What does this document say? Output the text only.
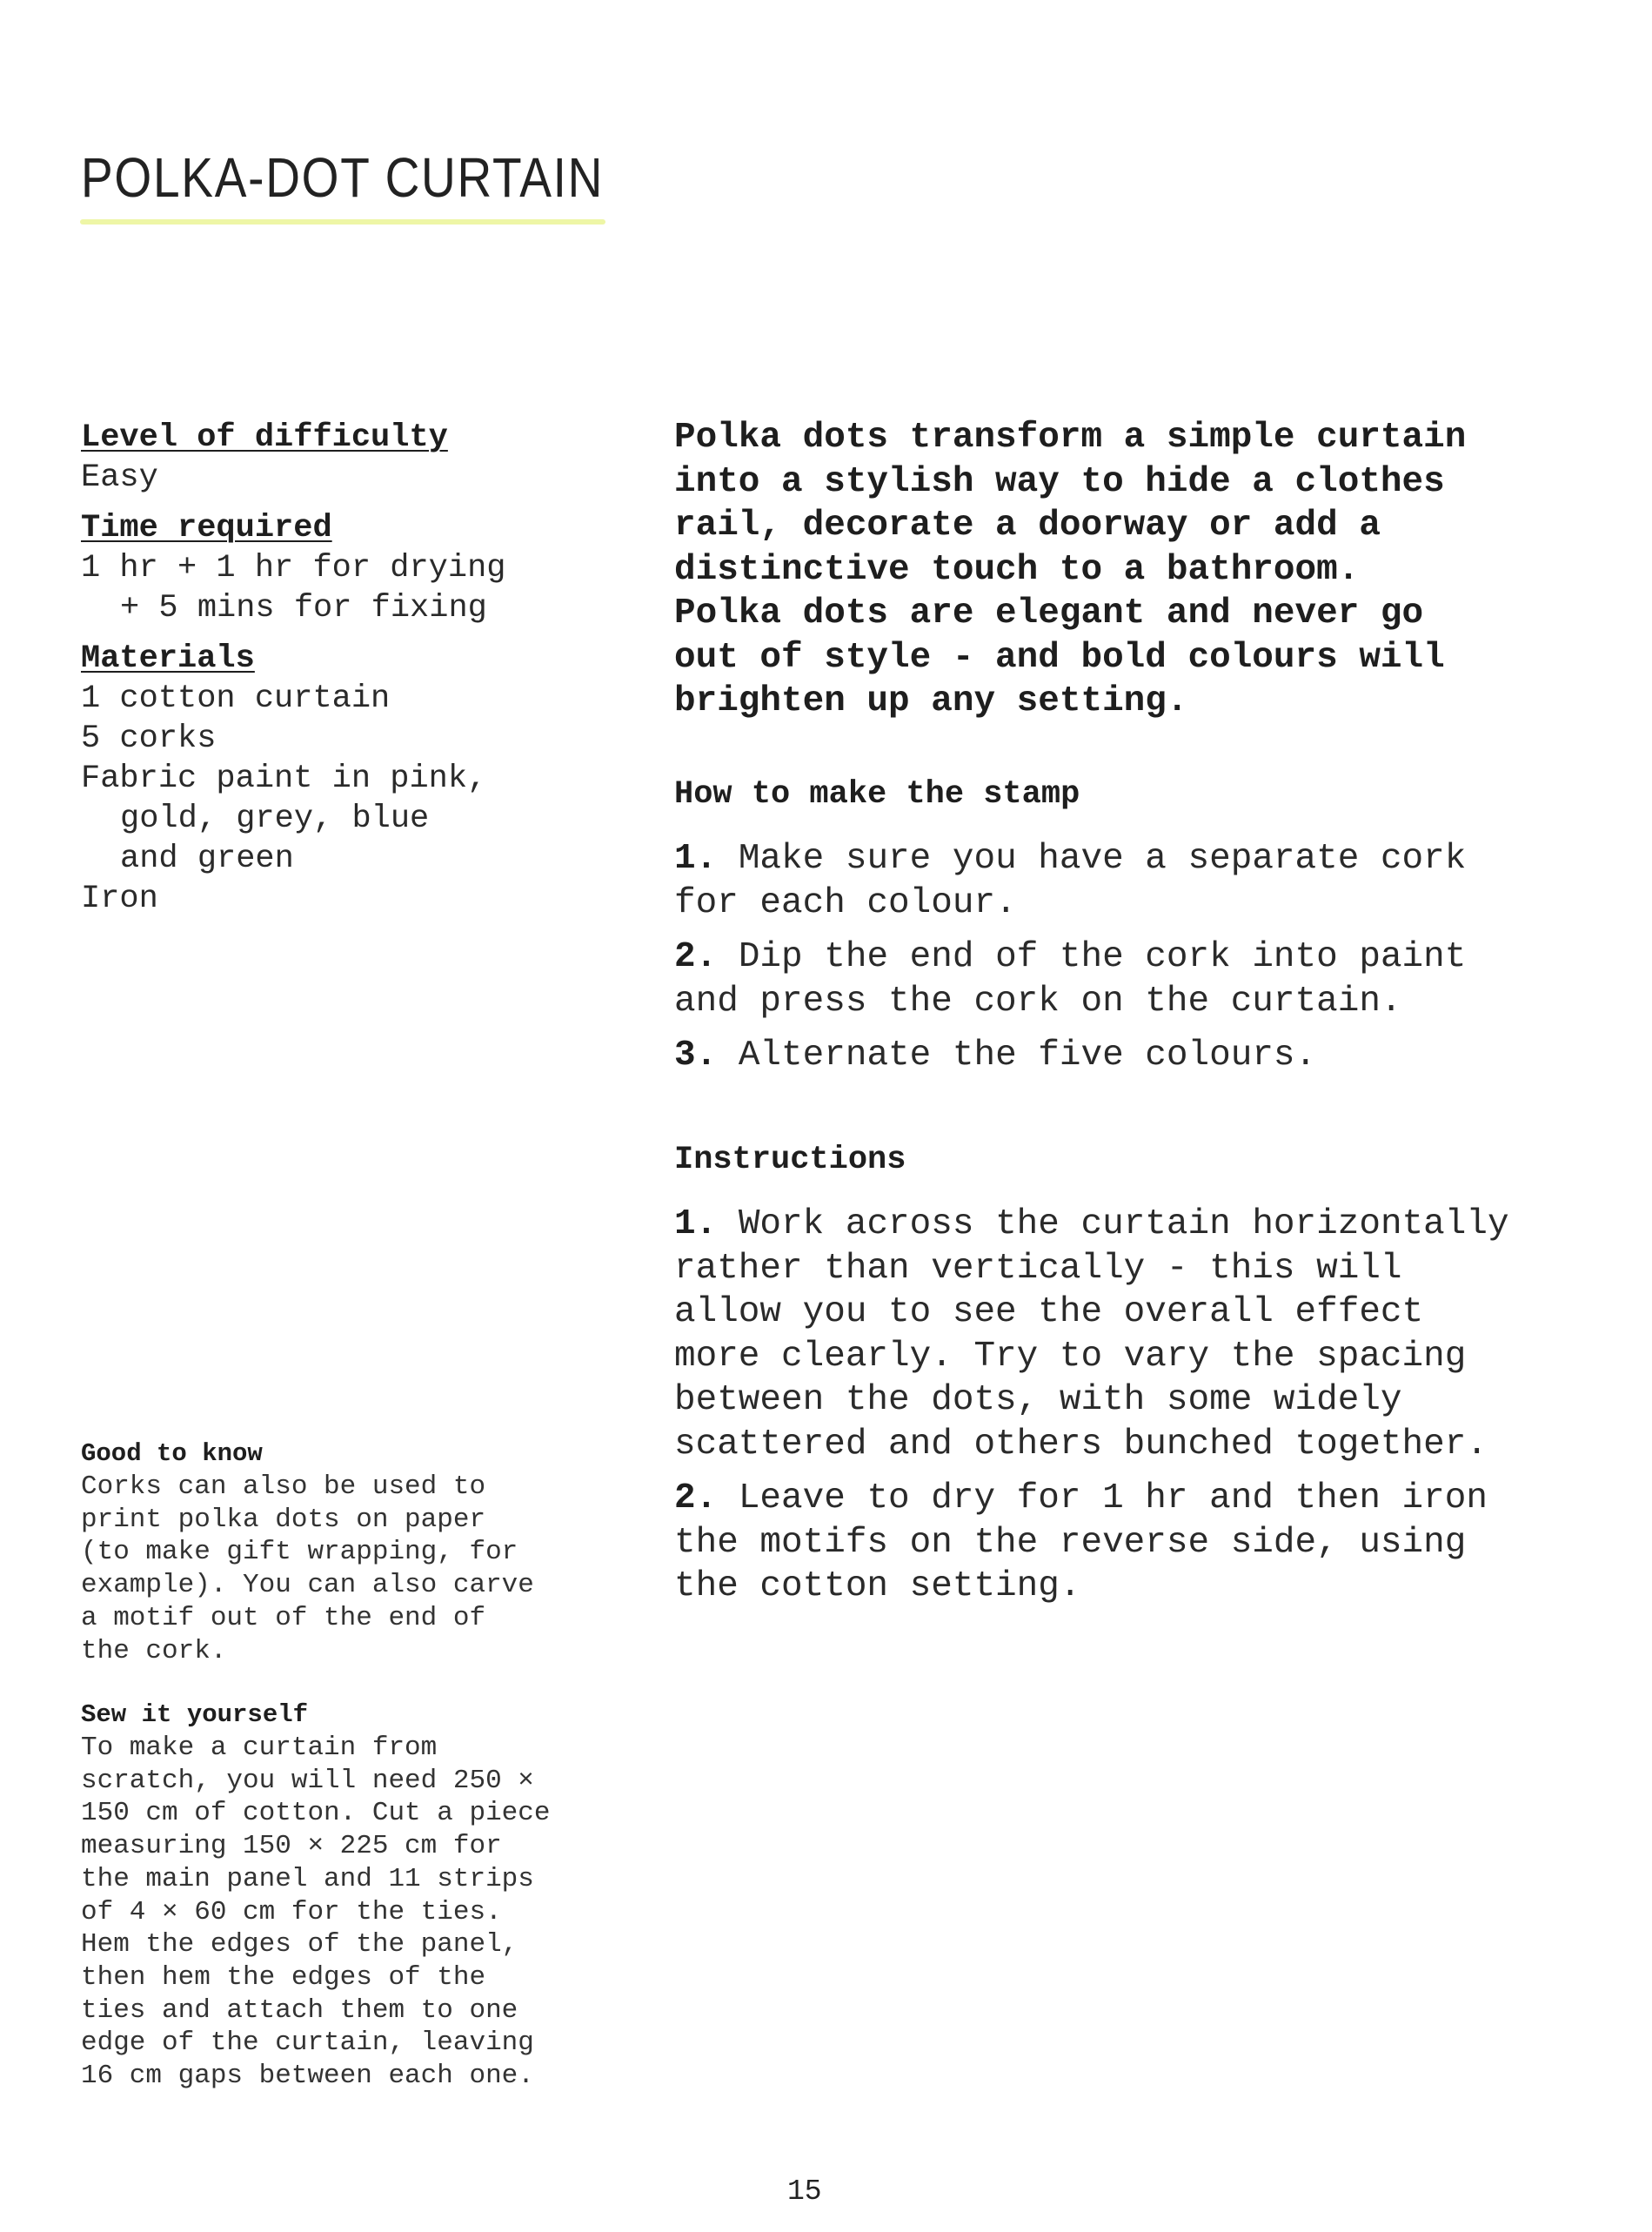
POLKA-DOT CURTAIN
Level of difficulty
Easy
Time required
1 hr + 1 hr for drying
+ 5 mins for fixing
Materials
1 cotton curtain
5 corks
Fabric paint in pink,
gold, grey, blue
and green
Iron
Polka dots transform a simple curtain
into a stylish way to hide a clothes
rail, decorate a doorway or add a
distinctive touch to a bathroom.
Polka dots are elegant and never go
out of style - and bold colours will
brighten up any setting.
How to make the stamp
1. Make sure you have a separate cork
for each colour.
2. Dip the end of the cork into paint
and press the cork on the curtain.
3. Alternate the five colours.
Instructions
1. Work across the curtain horizontally
rather than vertically - this will
allow you to see the overall effect
more clearly. Try to vary the spacing
between the dots, with some widely
scattered and others bunched together.
2. Leave to dry for 1 hr and then iron
the motifs on the reverse side, using
the cotton setting.
Good to know
Corks can also be used to
print polka dots on paper
(to make gift wrapping, for
example). You can also carve
a motif out of the end of
the cork.
Sew it yourself
To make a curtain from
scratch, you will need 250 ×
150 cm of cotton. Cut a piece
measuring 150 × 225 cm for
the main panel and 11 strips
of 4 × 60 cm for the ties.
Hem the edges of the panel,
then hem the edges of the
ties and attach them to one
edge of the curtain, leaving
16 cm gaps between each one.
15
